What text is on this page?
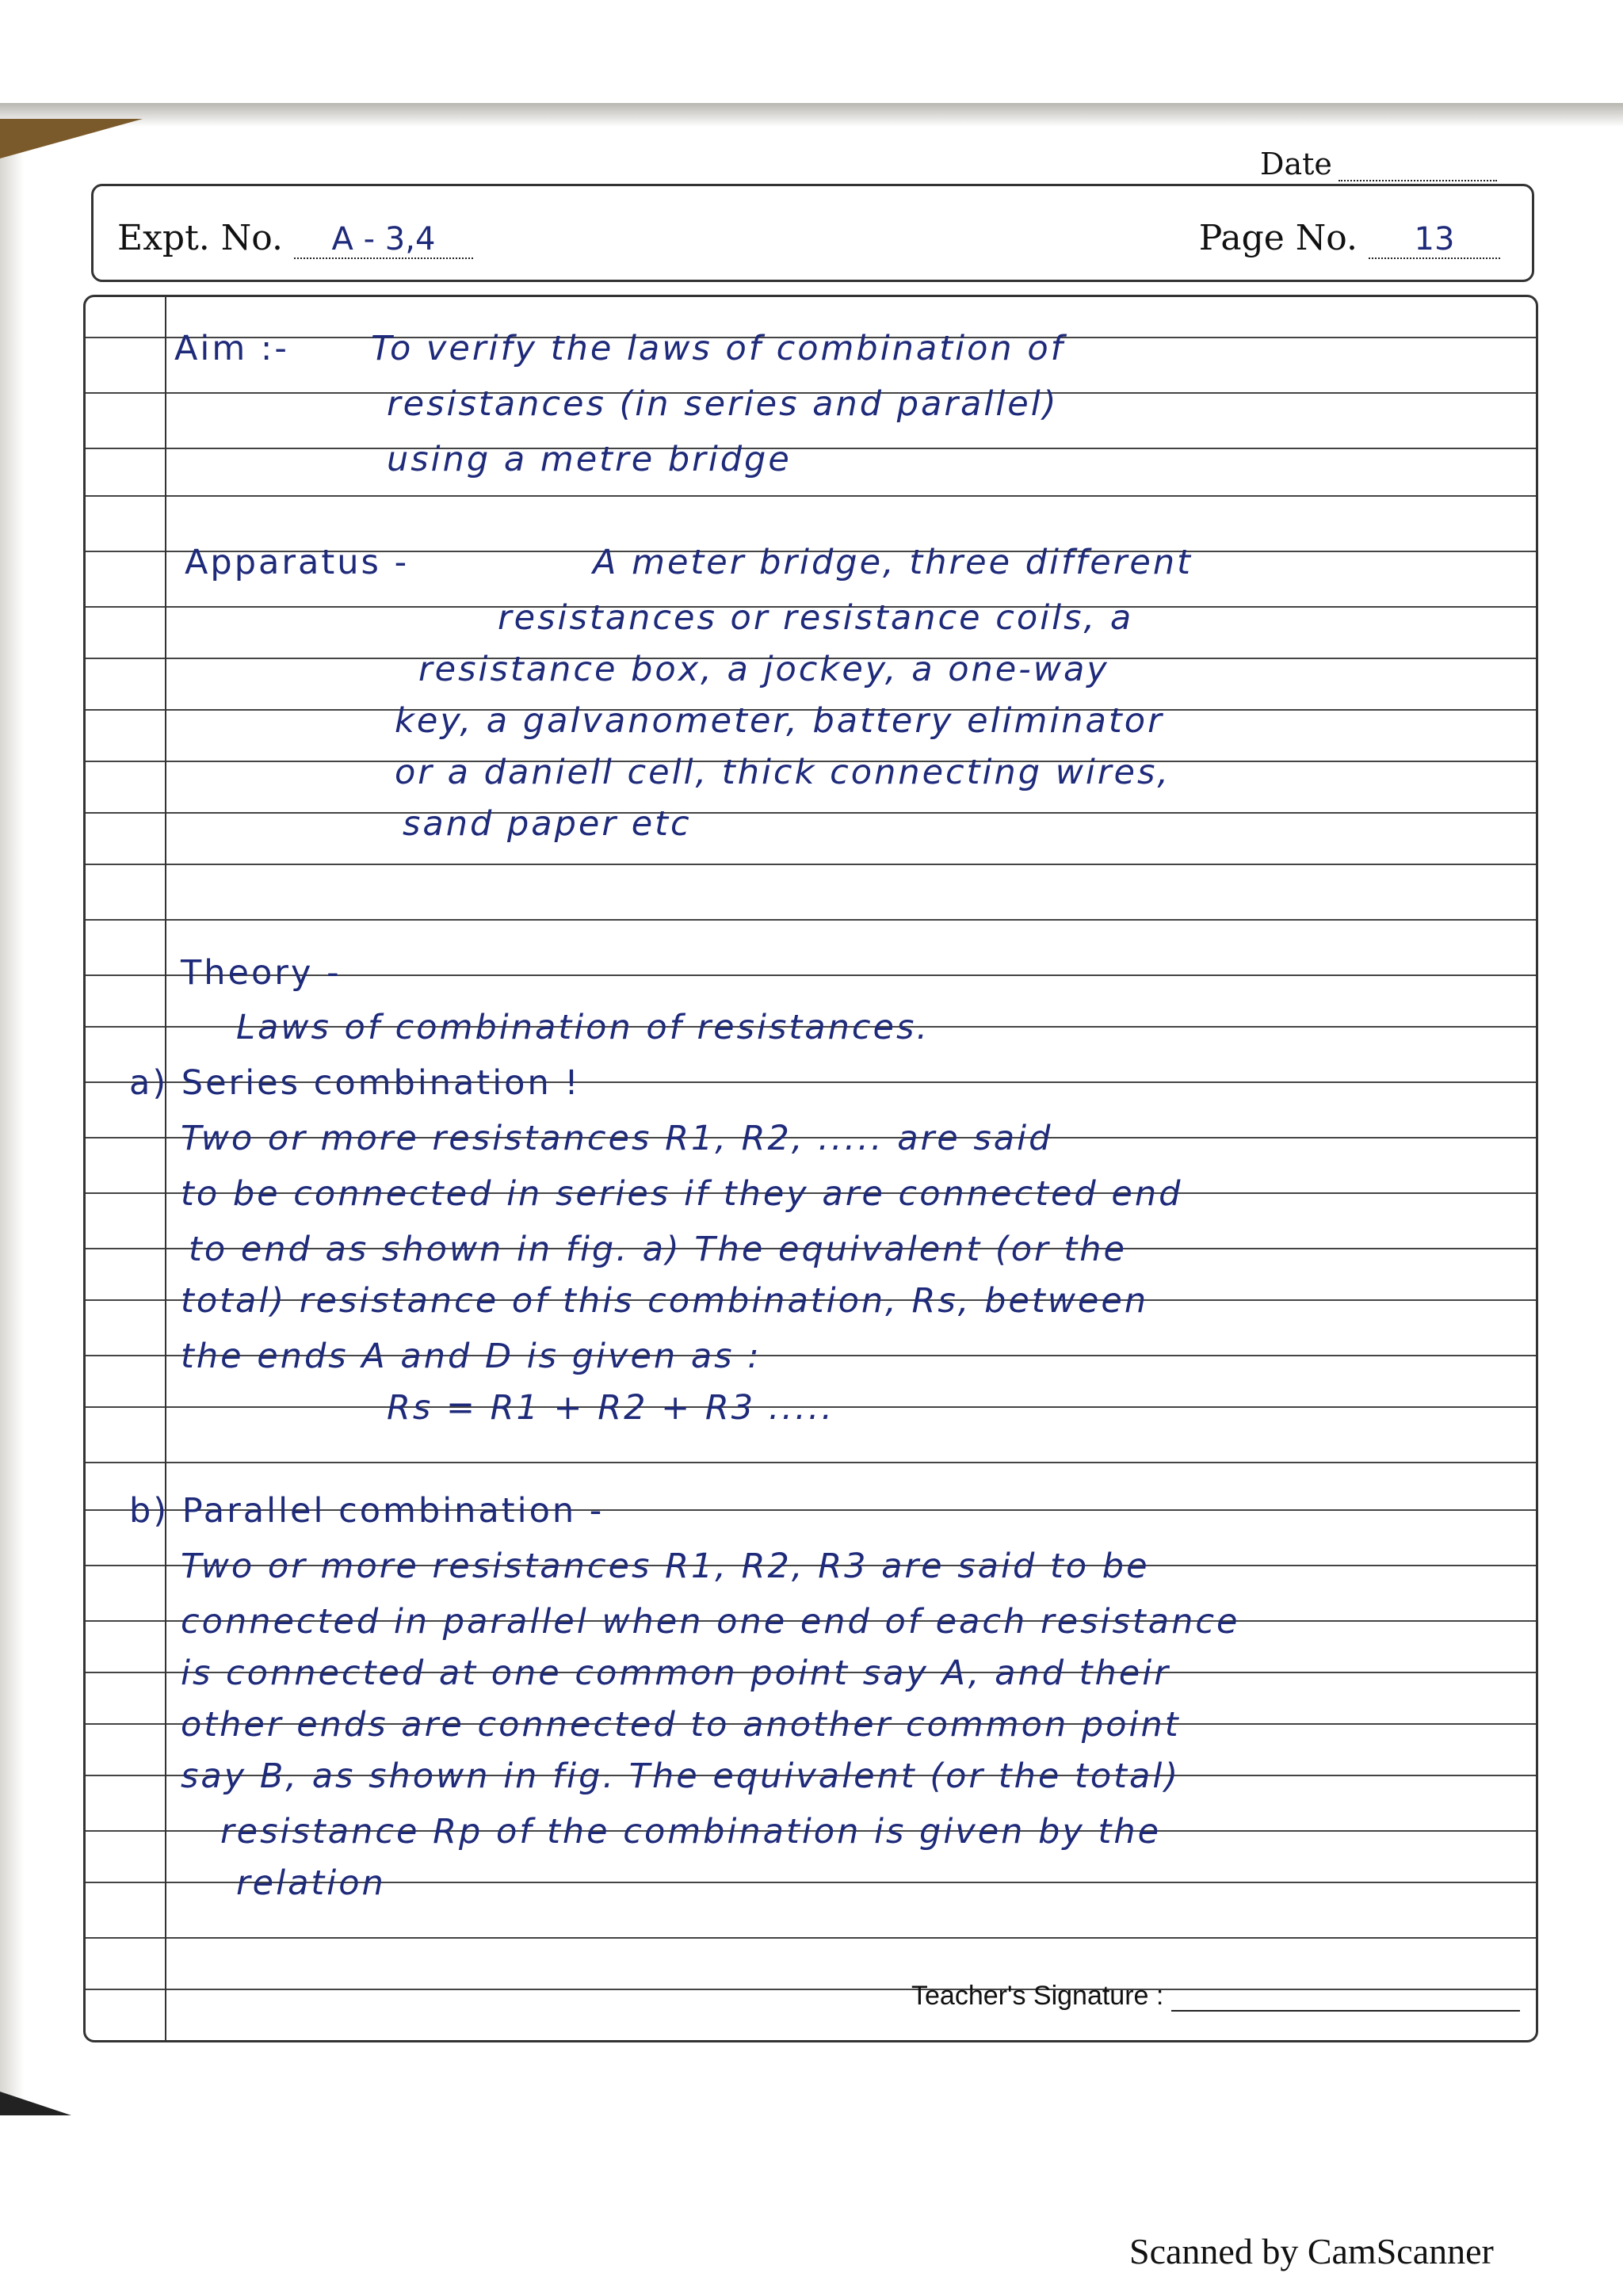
Date
Expt. No. A - 3,4	Page No. 13
Aim :- To verify the laws of combination of
resistances (in series and parallel)
using a metre bridge
Apparatus -	A meter bridge, three different
resistances or resistance coils, a
resistance box, a jockey, a one-way
key, a galvanometer, battery eliminator
or a daniell cell, thick connecting wires,
sand paper etc
Theory -
Laws of combination of resistances.
a) Series combination !
Two or more resistances R1, R2, ..... are said
to be connected in series if they are connected end
to end as shown in fig. a) The equivalent (or the
total) resistance of this combination, Rs, between
the ends A and D is given as :
Rs = R1 + R2 + R3 .....
b) Parallel combination -
Two or more resistances R1, R2, R3 are said to be
connected in parallel when one end of each resistance
is connected at one common point say A, and their
other ends are connected to another common point
say B, as shown in fig. The equivalent (or the total)
resistance Rp of the combination is given by the
relation
Teacher's Signature :
Scanned by CamScanner
